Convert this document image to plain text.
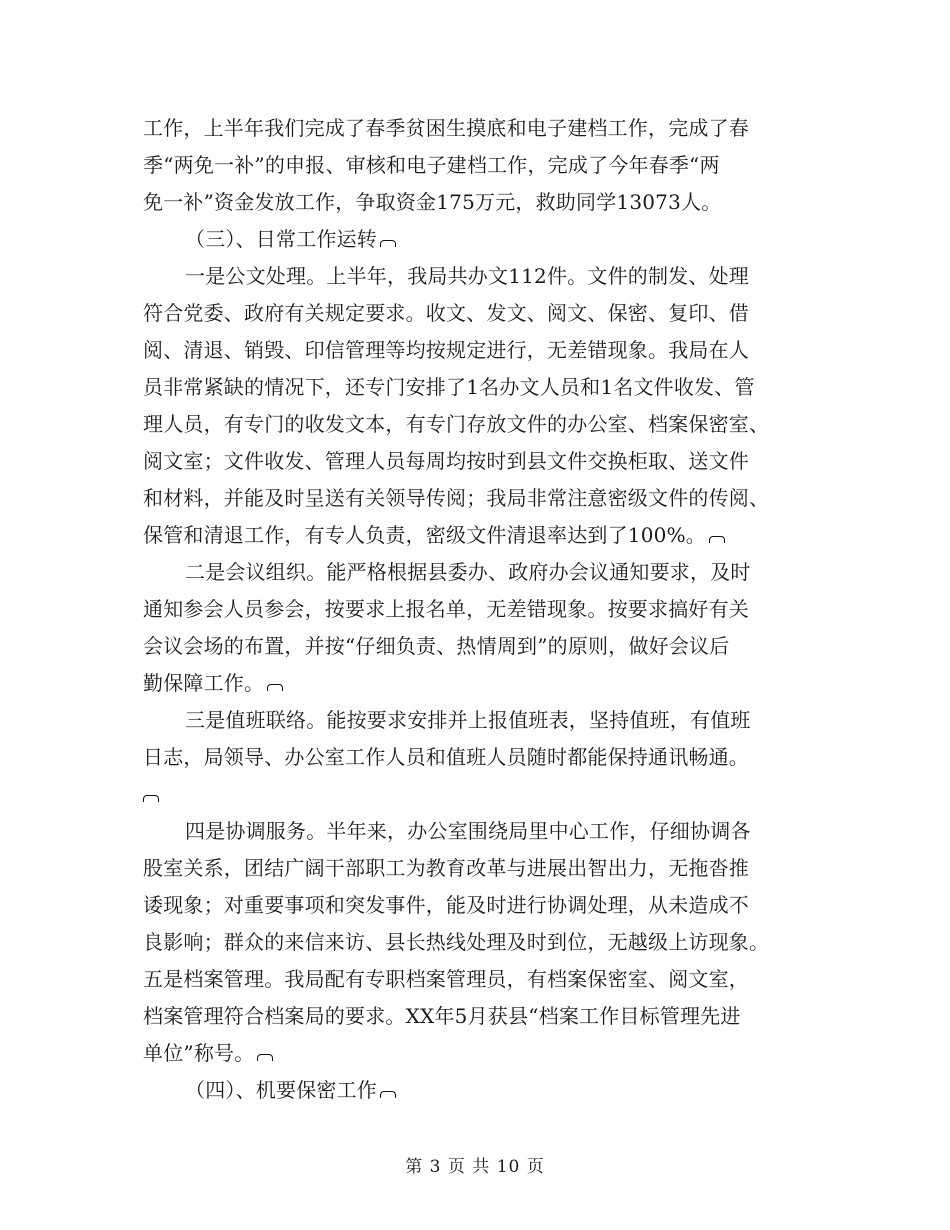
工作，上半年我们完成了春季贫困生摸底和电子建档工作，完成了春
季“两免一补”的申报、审核和电子建档工作，完成了今年春季“两
免一补”资金发放工作，争取资金175万元，救助同学13073人。
（三）、日常工作运转
一是公文处理。上半年，我局共办文112件。文件的制发、处理
符合党委、政府有关规定要求。收文、发文、阅文、保密、复印、借
阅、清退、销毁、印信管理等均按规定进行，无差错现象。我局在人
员非常紧缺的情况下，还专门安排了1名办文人员和1名文件收发、管
理人员，有专门的收发文本，有专门存放文件的办公室、档案保密室、
阅文室；文件收发、管理人员每周均按时到县文件交换柜取、送文件
和材料，并能及时呈送有关领导传阅；我局非常注意密级文件的传阅、
保管和清退工作，有专人负责，密级文件清退率达到了100%。
二是会议组织。能严格根据县委办、政府办会议通知要求，及时
通知参会人员参会，按要求上报名单，无差错现象。按要求搞好有关
会议会场的布置，并按“仔细负责、热情周到”的原则，做好会议后
勤保障工作。
三是值班联络。能按要求安排并上报值班表，坚持值班，有值班
日志，局领导、办公室工作人员和值班人员随时都能保持通讯畅通。
四是协调服务。半年来，办公室围绕局里中心工作，仔细协调各
股室关系，团结广阔干部职工为教育改革与进展出智出力，无拖沓推
诿现象；对重要事项和突发事件，能及时进行协调处理，从未造成不
良影响；群众的来信来访、县长热线处理及时到位，无越级上访现象。
五是档案管理。我局配有专职档案管理员，有档案保密室、阅文室，
档案管理符合档案局的要求。XX年5月获县“档案工作目标管理先进
单位”称号。
（四）、机要保密工作
第 3 页 共 10 页
